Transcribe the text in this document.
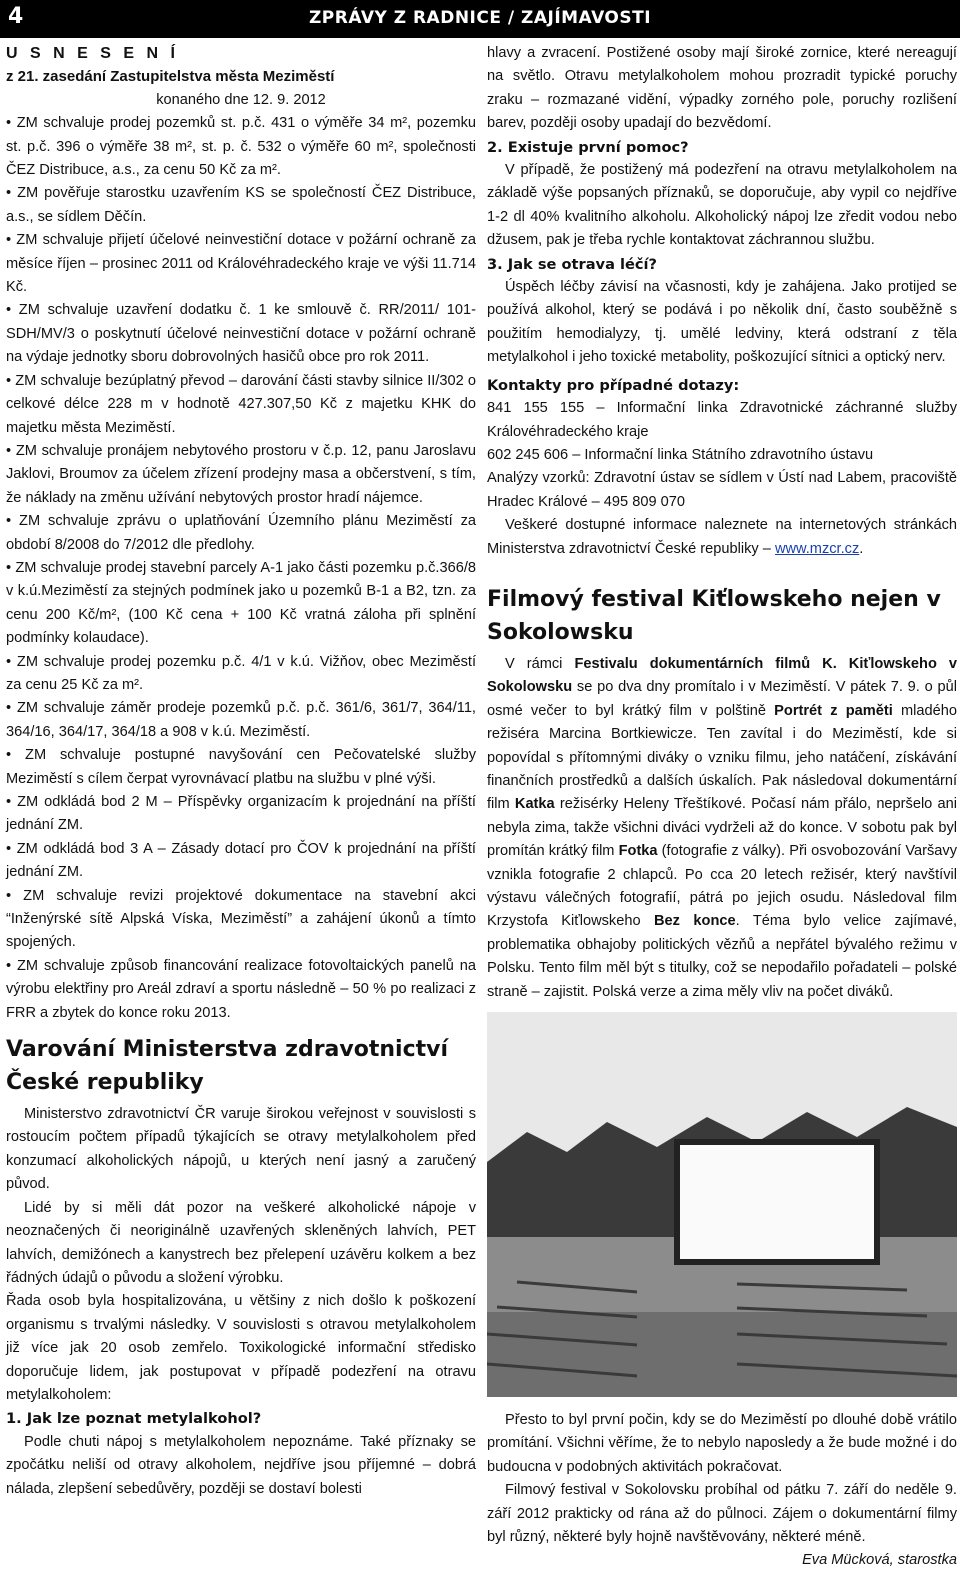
4	ZPRÁVY Z RADNICE / ZAJÍMAVOSTI

U S N E S E N Í

z 21. zasedání Zastupitelstva města Meziměstí

konaného dne 12. 9. 2012

• ZM schvaluje prodej pozemků st. p.č. 431 o výměře 34 m², pozemku st. p.č. 396 o výměře 38 m², st. p. č. 532 o výměře 60 m², společnosti ČEZ Distribuce, a.s., za cenu 50 Kč za m².

• ZM pověřuje starostku uzavřením KS se společností ČEZ Distribuce, a.s., se sídlem Děčín.

• ZM schvaluje přijetí účelové neinvestiční dotace v požární ochraně za měsíce říjen – prosinec 2011 od Královéhradeckého kraje ve výši 11.714 Kč.

• ZM schvaluje uzavření dodatku č. 1 ke smlouvě č. RR/2011/ 101-SDH/MV/3 o poskytnutí účelové neinvestiční dotace v požární ochraně na výdaje jednotky sboru dobrovolných hasičů obce pro rok 2011.

• ZM schvaluje bezúplatný převod – darování části stavby silnice II/302 o celkové délce 228 m v hodnotě 427.307,50 Kč z majetku KHK do majetku města Meziměstí.

• ZM schvaluje pronájem nebytového prostoru v č.p. 12, panu Jaroslavu Jaklovi, Broumov za účelem zřízení prodejny masa a občerstvení, s tím, že náklady na změnu užívání nebytových prostor hradí nájemce.

• ZM schvaluje zprávu o uplatňování Územního plánu Meziměstí za období 8/2008 do 7/2012 dle předlohy.

• ZM schvaluje prodej stavební parcely A-1 jako části pozemku p.č.366/8 v k.ú.Meziměstí za stejných podmínek jako u pozemků B-1 a B2, tzn. za cenu 200 Kč/m², (100 Kč cena + 100 Kč vratná záloha při splnění podmínky kolaudace).

• ZM schvaluje prodej pozemku p.č. 4/1 v k.ú. Vižňov, obec Meziměstí za cenu 25 Kč za m².

• ZM schvaluje záměr prodeje pozemků p.č. p.č. 361/6, 361/7, 364/11, 364/16, 364/17, 364/18 a 908 v k.ú. Meziměstí.

• ZM schvaluje postupné navyšování cen Pečovatelské služby Meziměstí s cílem čerpat vyrovnávací platbu na službu v plné výši.

• ZM odkládá bod 2 M – Příspěvky organizacím k projednání na příští jednání ZM.

• ZM odkládá bod 3 A – Zásady dotací pro ČOV k projednání na příští jednání ZM.

• ZM schvaluje revizi projektové dokumentace na stavební akci “Inženýrské sítě Alpská Víska, Meziměstí” a zahájení úkonů a tímto spojených.

• ZM schvaluje způsob financování realizace fotovoltaických panelů na výrobu elektřiny pro Areál zdraví a sportu následně – 50 % po realizaci z FRR a zbytek do konce roku 2013.

Varování Ministerstva zdravotnictví České republiky

Ministerstvo zdravotnictví ČR varuje širokou veřejnost v souvislosti s rostoucím počtem případů týkajících se otravy metylalkoholem před konzumací alkoholických nápojů, u kterých není jasný a zaručený původ.

Lidé by si měli dát pozor na veškeré alkoholické nápoje v neoznačených či neoriginálně uzavřených skleněných lahvích, PET lahvích, demižónech a kanystrech bez přelepení uzávěru kolkem a bez řádných údajů o původu a složení výrobku.

Řada osob byla hospitalizována, u většiny z nich došlo k poškození organismu s trvalými následky. V souvislosti s otravou metylalkoholem již více jak 20 osob zemřelo. Toxikologické informační středisko doporučuje lidem, jak postupovat v případě podezření na otravu metylalkoholem:

1. Jak lze poznat metylalkohol?

Podle chuti nápoj s metylalkoholem nepoznáme. Také příznaky se zpočátku neliší od otravy alkoholem, nejdříve jsou příjemné – dobrá nálada, zlepšení sebedůvěry, později se dostaví bolesti

hlavy a zvracení. Postižené osoby mají široké zornice, které nereagují na světlo. Otravu metylalkoholem mohou prozradit typické poruchy zraku – rozmazané vidění, výpadky zorného pole, poruchy rozlišení barev, později osoby upadají do bezvědomí.

2. Existuje první pomoc?

V případě, že postižený má podezření na otravu metylalkoholem na základě výše popsaných příznaků, se doporučuje, aby vypil co nejdříve 1-2 dl 40% kvalitního alkoholu. Alkoholický nápoj lze zředit vodou nebo džusem, pak je třeba rychle kontaktovat záchrannou službu.

3. Jak se otrava léčí?

Úspěch léčby závisí na včasnosti, kdy je zahájena. Jako protijed se používá alkohol, který se podává i po několik dní, často souběžně s použitím hemodialyzy, tj. umělé ledviny, která odstraní z těla metylalkohol i jeho toxické metabolity, poškozující sítnici a optický nerv.

Kontakty pro případné dotazy:

841 155 155 – Informační linka Zdravotnické záchranné služby Královéhradeckého kraje

602 245 606 – Informační linka Státního zdravotního ústavu

Analýzy vzorků: Zdravotní ústav se sídlem v Ústí nad Labem, pracoviště Hradec Králové – 495 809 070

Veškeré dostupné informace naleznete na internetových stránkách Ministerstva zdravotnictví České republiky – www.mzcr.cz.

Filmový festival Kiťlowskeho nejen v Sokolowsku

V rámci Festivalu dokumentárních filmů K. Kiťlowskeho v Sokolowsku se po dva dny promítalo i v Meziměstí. V pátek 7. 9. o půl osmé večer to byl krátký film v polštině Portrét z paměti mladého režiséra Marcina Bortkiewicze. Ten zavítal i do Meziměstí, kde si popovídal s přítomnými diváky o vzniku filmu, jeho natáčení, získávání finančních prostředků a dalších úskalích. Pak následoval dokumentární film Katka režisérky Heleny Třeštíkové. Počasí nám přálo, nepršelo ani nebyla zima, takže všichni diváci vydrželi až do konce. V sobotu pak byl promítán krátký film Fotka (fotografie z války). Při osvobozování Varšavy vznikla fotografie 2 chlapců. Po cca 20 letech režisér, který navštívil výstavu válečných fotografií, pátrá po jejich osudu. Následoval film Krzystofa Kiťlowskeho Bez konce. Téma bylo velice zajímavé, problematika obhajoby politických vězňů a nepřátel bývalého režimu v Polsku. Tento film měl být s titulky, což se nepodařilo pořadateli – polské straně – zajistit. Polská verze a zima měly vliv na počet diváků.

Přesto to byl první počin, kdy se do Meziměstí po dlouhé době vrátilo promítání. Všichni věříme, že to nebylo naposledy a že bude možné i do budoucna v podobných aktivitách pokračovat.

Filmový festival v Sokolovsku probíhal od pátku 7. září do neděle 9. září 2012 prakticky od rána až do půlnoci. Zájem o dokumentární filmy byl různý, některé byly hojně navštěvovány, některé méně.

Eva Mücková, starostka
